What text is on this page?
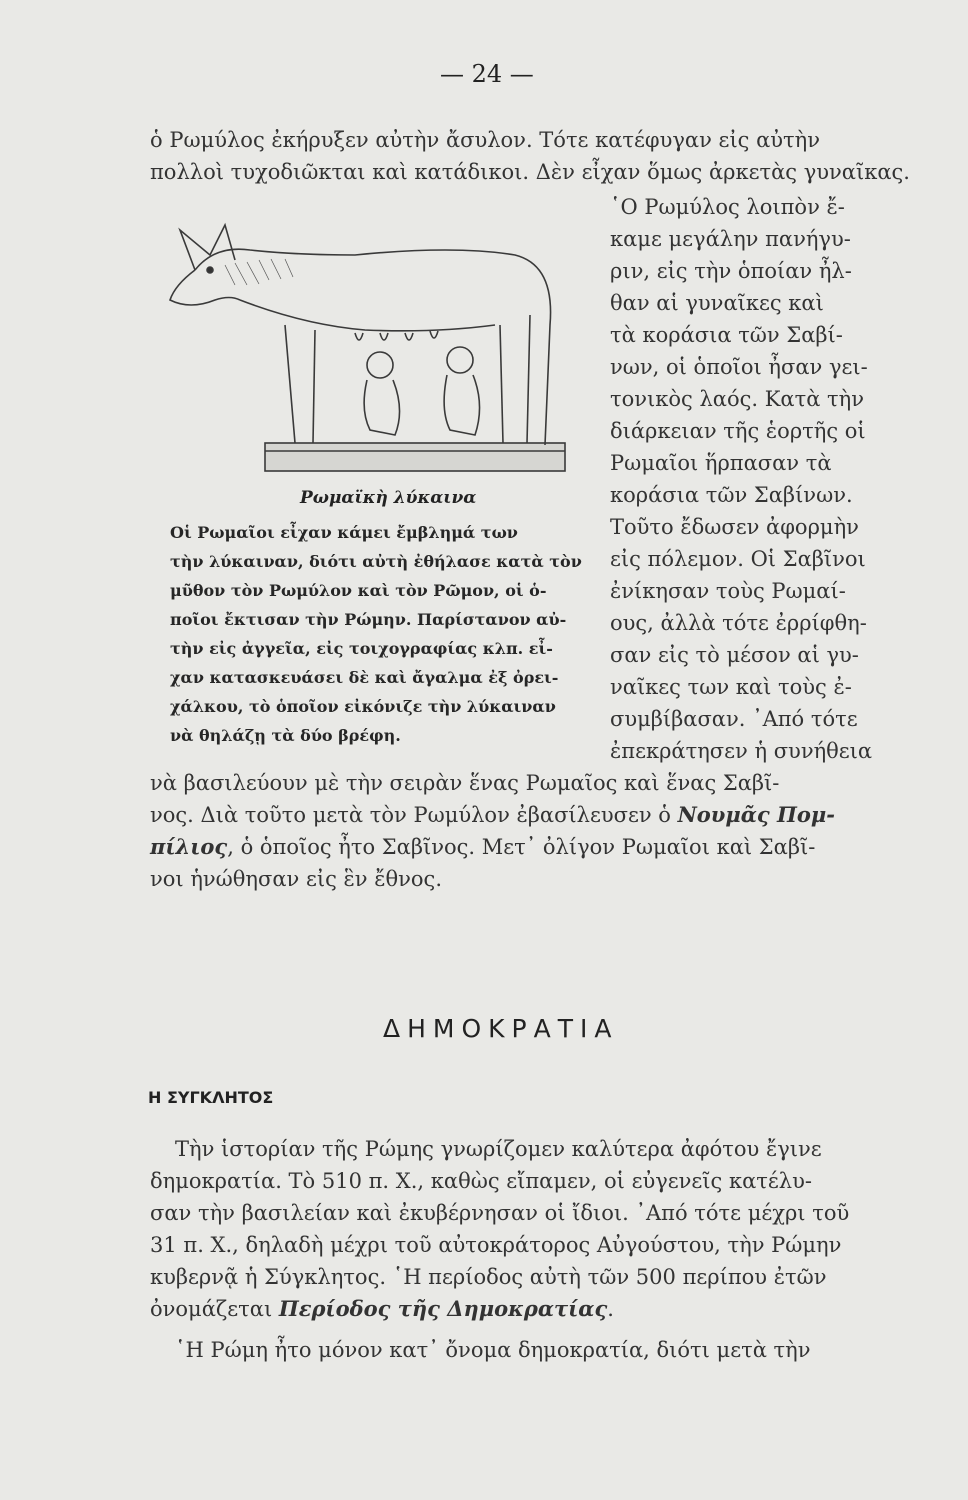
— 24 —
ὁ Ρωμύλος ἐκήρυξεν αὐτὴν ἄσυλον. Τότε κατέφυγαν εἰς αὐτὴν
πολλοὶ τυχοδιῶκται καὶ κατάδικοι. Δὲν εἶχαν ὅμως ἀρκετὰς γυναῖκας.
Ρωμαϊκὴ λύκαινα
Οἱ Ρωμαῖοι εἶχαν κάμει ἔμβλημά των
τὴν λύκαιναν, διότι αὐτὴ ἐθήλασε κατὰ τὸν
μῦθον τὸν Ρωμύλον καὶ τὸν Ρῶμον, οἱ ὁ-
ποῖοι ἔκτισαν τὴν Ρώμην. Παρίστανον αὐ-
τὴν εἰς ἀγγεῖα, εἰς τοιχογραφίας κλπ. εἶ-
χαν κατασκευάσει δὲ καὶ ἄγαλμα ἐξ ὀρει-
χάλκου, τὸ ὁποῖον εἰκόνιζε τὴν λύκαιναν
νὰ θηλάζῃ τὰ δύο βρέφη.
῾Ο Ρωμύλος λοιπὸν ἔ-
καμε μεγάλην πανήγυ-
ριν, εἰς τὴν ὁποίαν ἦλ-
θαν αἱ γυναῖκες καὶ
τὰ κοράσια τῶν Σαβί-
νων, οἱ ὁποῖοι ἦσαν γει-
τονικὸς λαός. Κατὰ τὴν
διάρκειαν τῆς ἑορτῆς οἱ
Ρωμαῖοι ἥρπασαν τὰ
κοράσια τῶν Σαβίνων.
Τοῦτο ἔδωσεν ἀφορμὴν
εἰς πόλεμον. Οἱ Σαβῖνοι
ἐνίκησαν τοὺς Ρωμαί-
ους, ἀλλὰ τότε ἐρρίφθη-
σαν εἰς τὸ μέσον αἱ γυ-
ναῖκες των καὶ τοὺς ἐ-
συμβίβασαν. ᾿Από τότε
ἐπεκράτησεν ἡ συνήθεια
νὰ βασιλεύουν μὲ τὴν σειρὰν ἕνας Ρωμαῖος καὶ ἕνας Σαβῖ-
νος. Διὰ τοῦτο μετὰ τὸν Ρωμύλον ἐβασίλευσεν ὁ Νουμᾶς Πομ-
πίλιος, ὁ ὁποῖος ἦτο Σαβῖνος. Μετ᾽ ὀλίγον Ρωμαῖοι καὶ Σαβῖ-
νοι ἡνώθησαν εἰς ἓν ἔθνος.
ΔΗΜΟΚΡΑΤΙΑ
Η ΣΥΓΚΛΗΤΟΣ
Τὴν ἱστορίαν τῆς Ρώμης γνωρίζομεν καλύτερα ἀφότου ἔγινε
δημοκρατία. Τὸ 510 π. Χ., καθὼς εἴπαμεν, οἱ εὐγενεῖς κατέλυ-
σαν τὴν βασιλείαν καὶ ἐκυβέρνησαν οἱ ἴδιοι. ᾿Από τότε μέχρι τοῦ
31 π. Χ., δηλαδὴ μέχρι τοῦ αὐτοκράτορος Αὐγούστου, τὴν Ρώμην
κυβερνᾷ ἡ Σύγκλητος. ῾Η περίοδος αὐτὴ τῶν 500 περίπου ἐτῶν
ὀνομάζεται Περίοδος τῆς Δημοκρατίας.
῾Η Ρώμη ἦτο μόνον κατ᾽ ὄνομα δημοκρατία, διότι μετὰ τὴν
